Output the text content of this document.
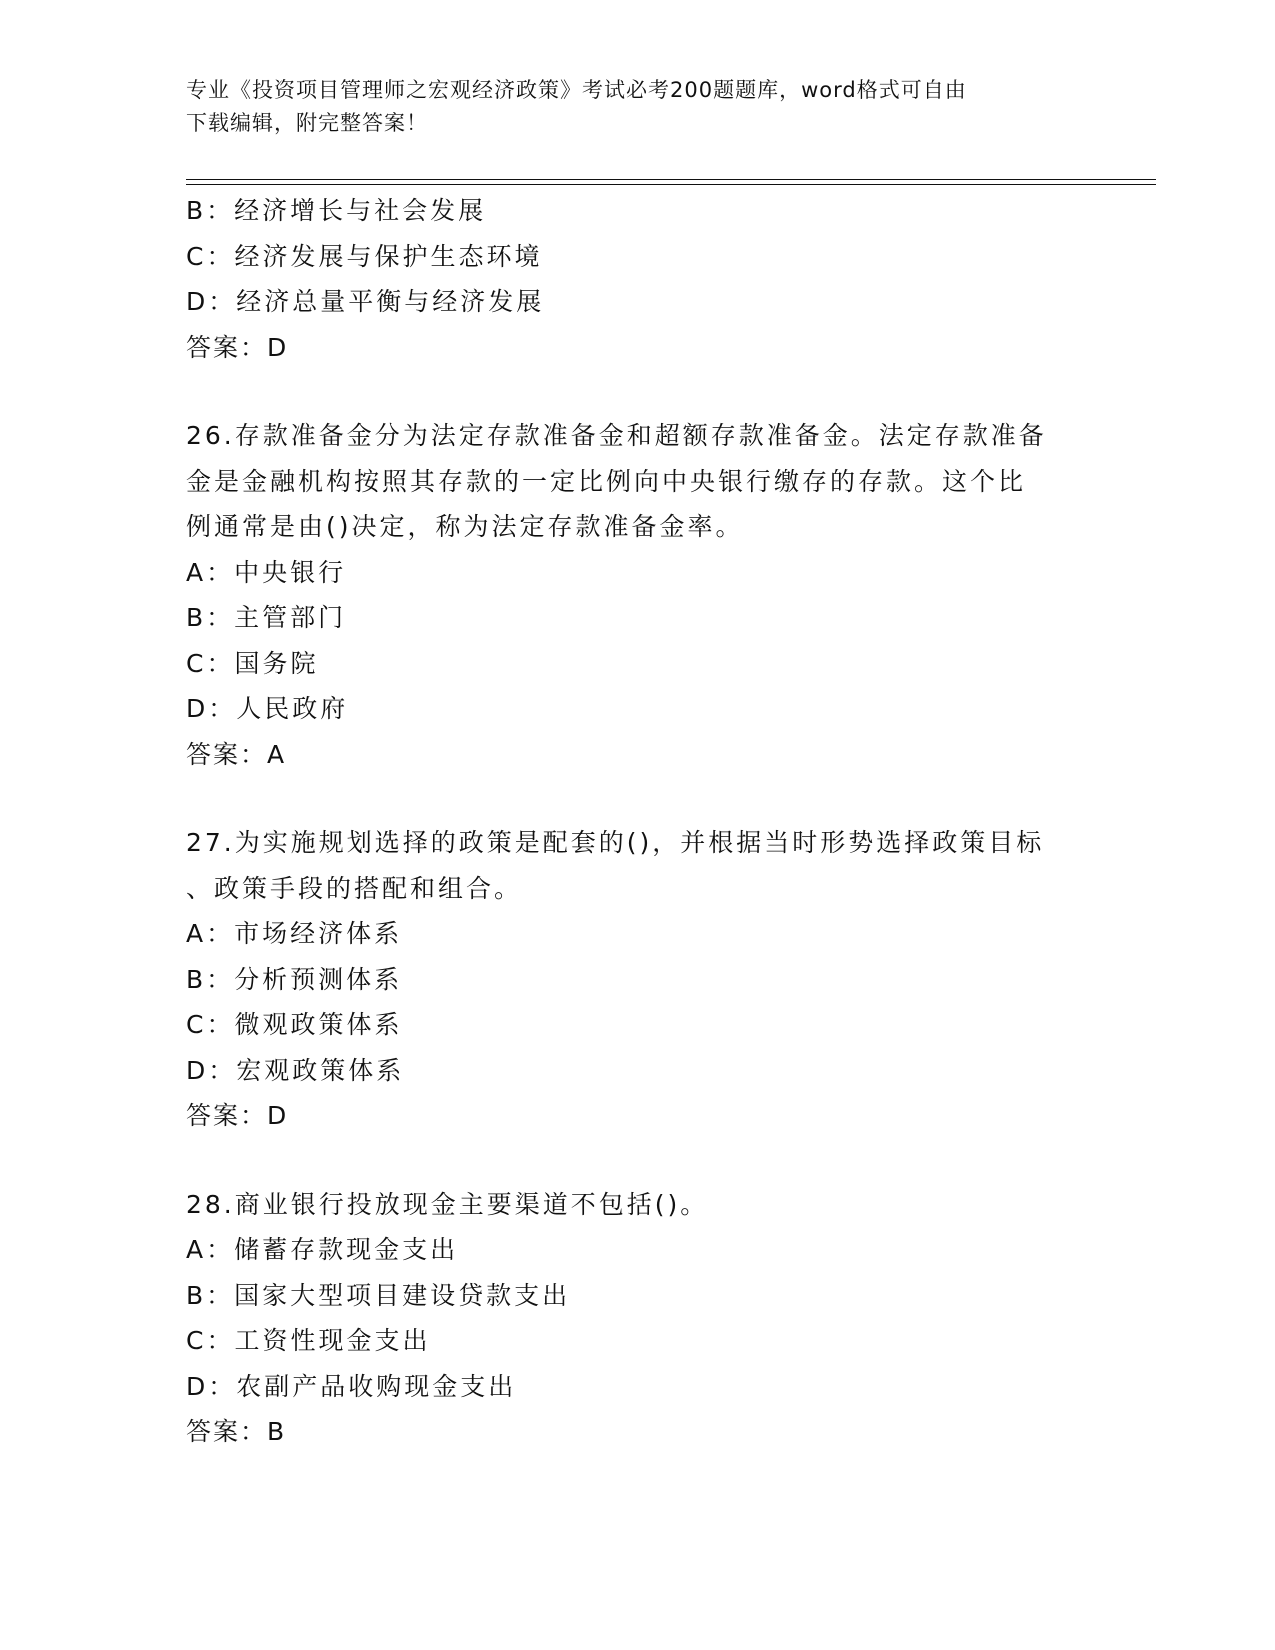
专业《投资项目管理师之宏观经济政策》考试必考200题题库，word格式可自由
下载编辑，附完整答案！
B：经济增长与社会发展
C：经济发展与保护生态环境
D：经济总量平衡与经济发展
答案：D
26.存款准备金分为法定存款准备金和超额存款准备金。法定存款准备
金是金融机构按照其存款的一定比例向中央银行缴存的存款。这个比
例通常是由()决定，称为法定存款准备金率。
A：中央银行
B：主管部门
C：国务院
D：人民政府
答案：A
27.为实施规划选择的政策是配套的()，并根据当时形势选择政策目标
、政策手段的搭配和组合。
A：市场经济体系
B：分析预测体系
C：微观政策体系
D：宏观政策体系
答案：D
28.商业银行投放现金主要渠道不包括()。
A：储蓄存款现金支出
B：国家大型项目建设贷款支出
C：工资性现金支出
D：农副产品收购现金支出
答案：B
